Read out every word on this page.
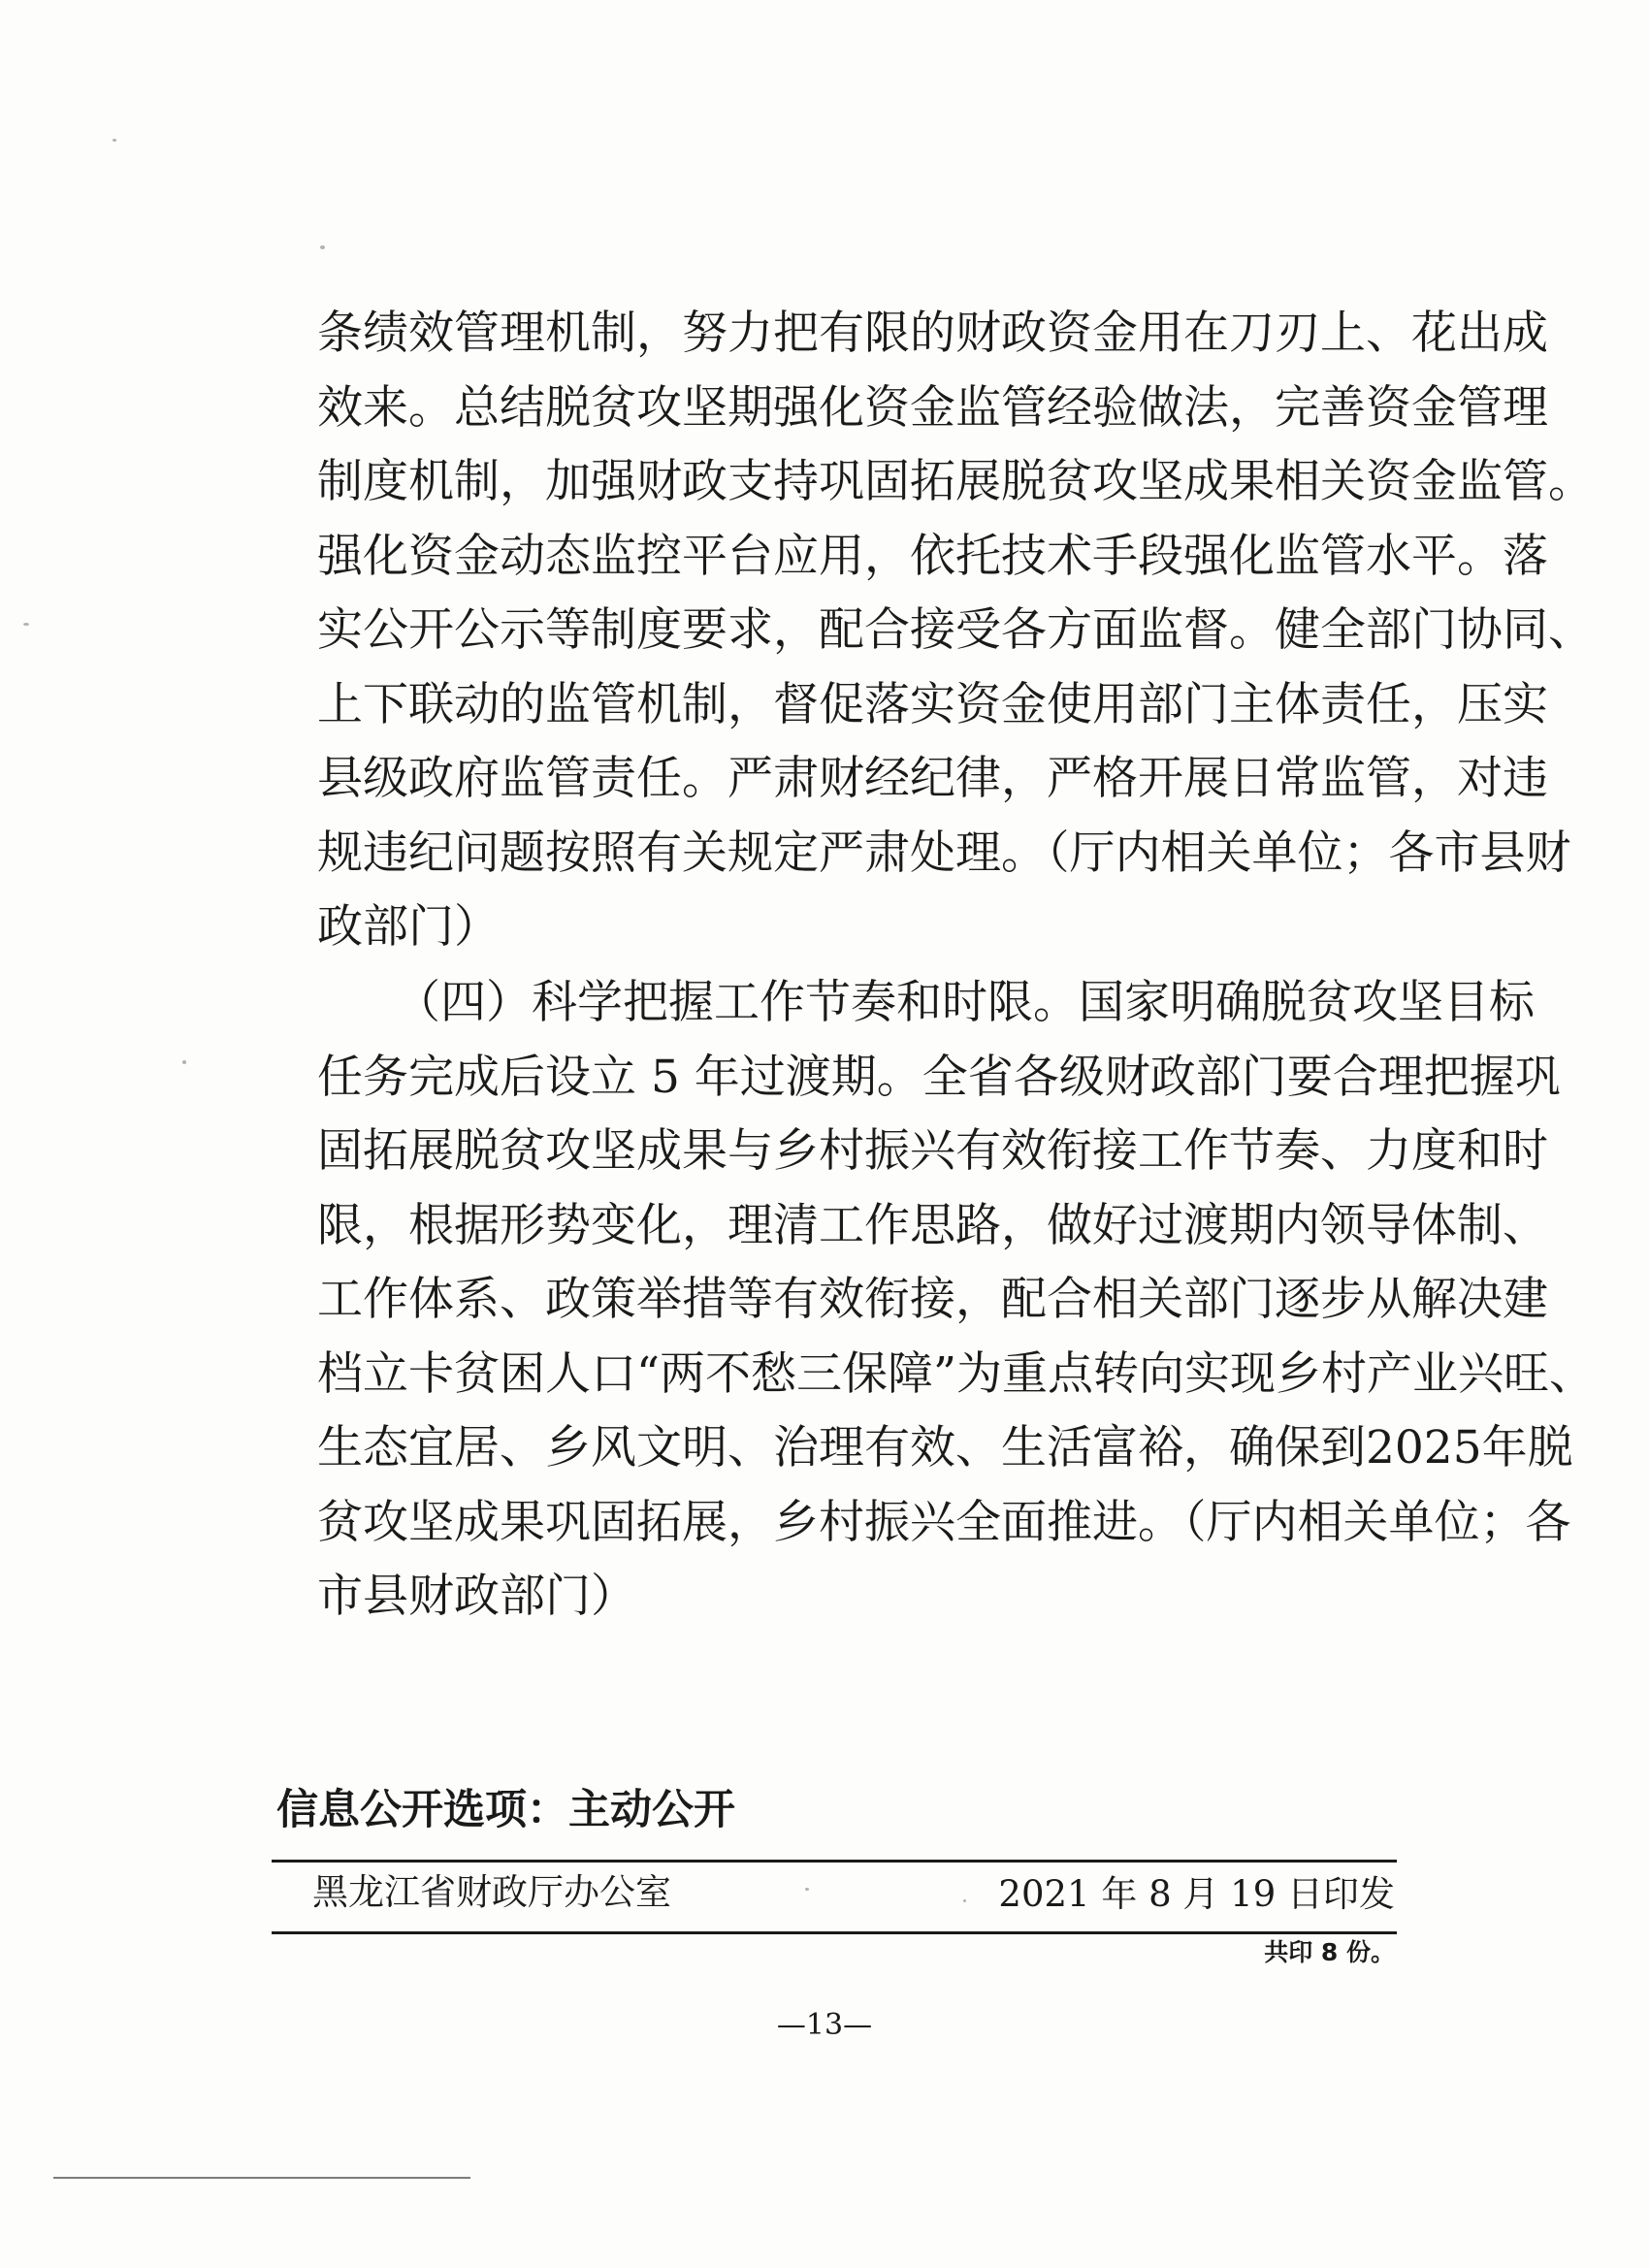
条绩效管理机制，努力把有限的财政资金用在刀刃上、花出成
效来。总结脱贫攻坚期强化资金监管经验做法，完善资金管理
制度机制，加强财政支持巩固拓展脱贫攻坚成果相关资金监管。
强化资金动态监控平台应用，依托技术手段强化监管水平。落
实公开公示等制度要求，配合接受各方面监督。健全部门协同、
上下联动的监管机制，督促落实资金使用部门主体责任，压实
县级政府监管责任。严肃财经纪律，严格开展日常监管，对违
规违纪问题按照有关规定严肃处理。（厅内相关单位；各市县财
政部门）
（四）科学把握工作节奏和时限。国家明确脱贫攻坚目标
任务完成后设立 5 年过渡期。全省各级财政部门要合理把握巩
固拓展脱贫攻坚成果与乡村振兴有效衔接工作节奏、力度和时
限，根据形势变化，理清工作思路，做好过渡期内领导体制、
工作体系、政策举措等有效衔接，配合相关部门逐步从解决建
档立卡贫困人口“两不愁三保障”为重点转向实现乡村产业兴旺、
生态宜居、乡风文明、治理有效、生活富裕，确保到2025年脱
贫攻坚成果巩固拓展，乡村振兴全面推进。（厅内相关单位；各
市县财政部门）
信息公开选项：主动公开
黑龙江省财政厅办公室	2021 年 8 月 19 日印发
共印 8 份。
—13—
